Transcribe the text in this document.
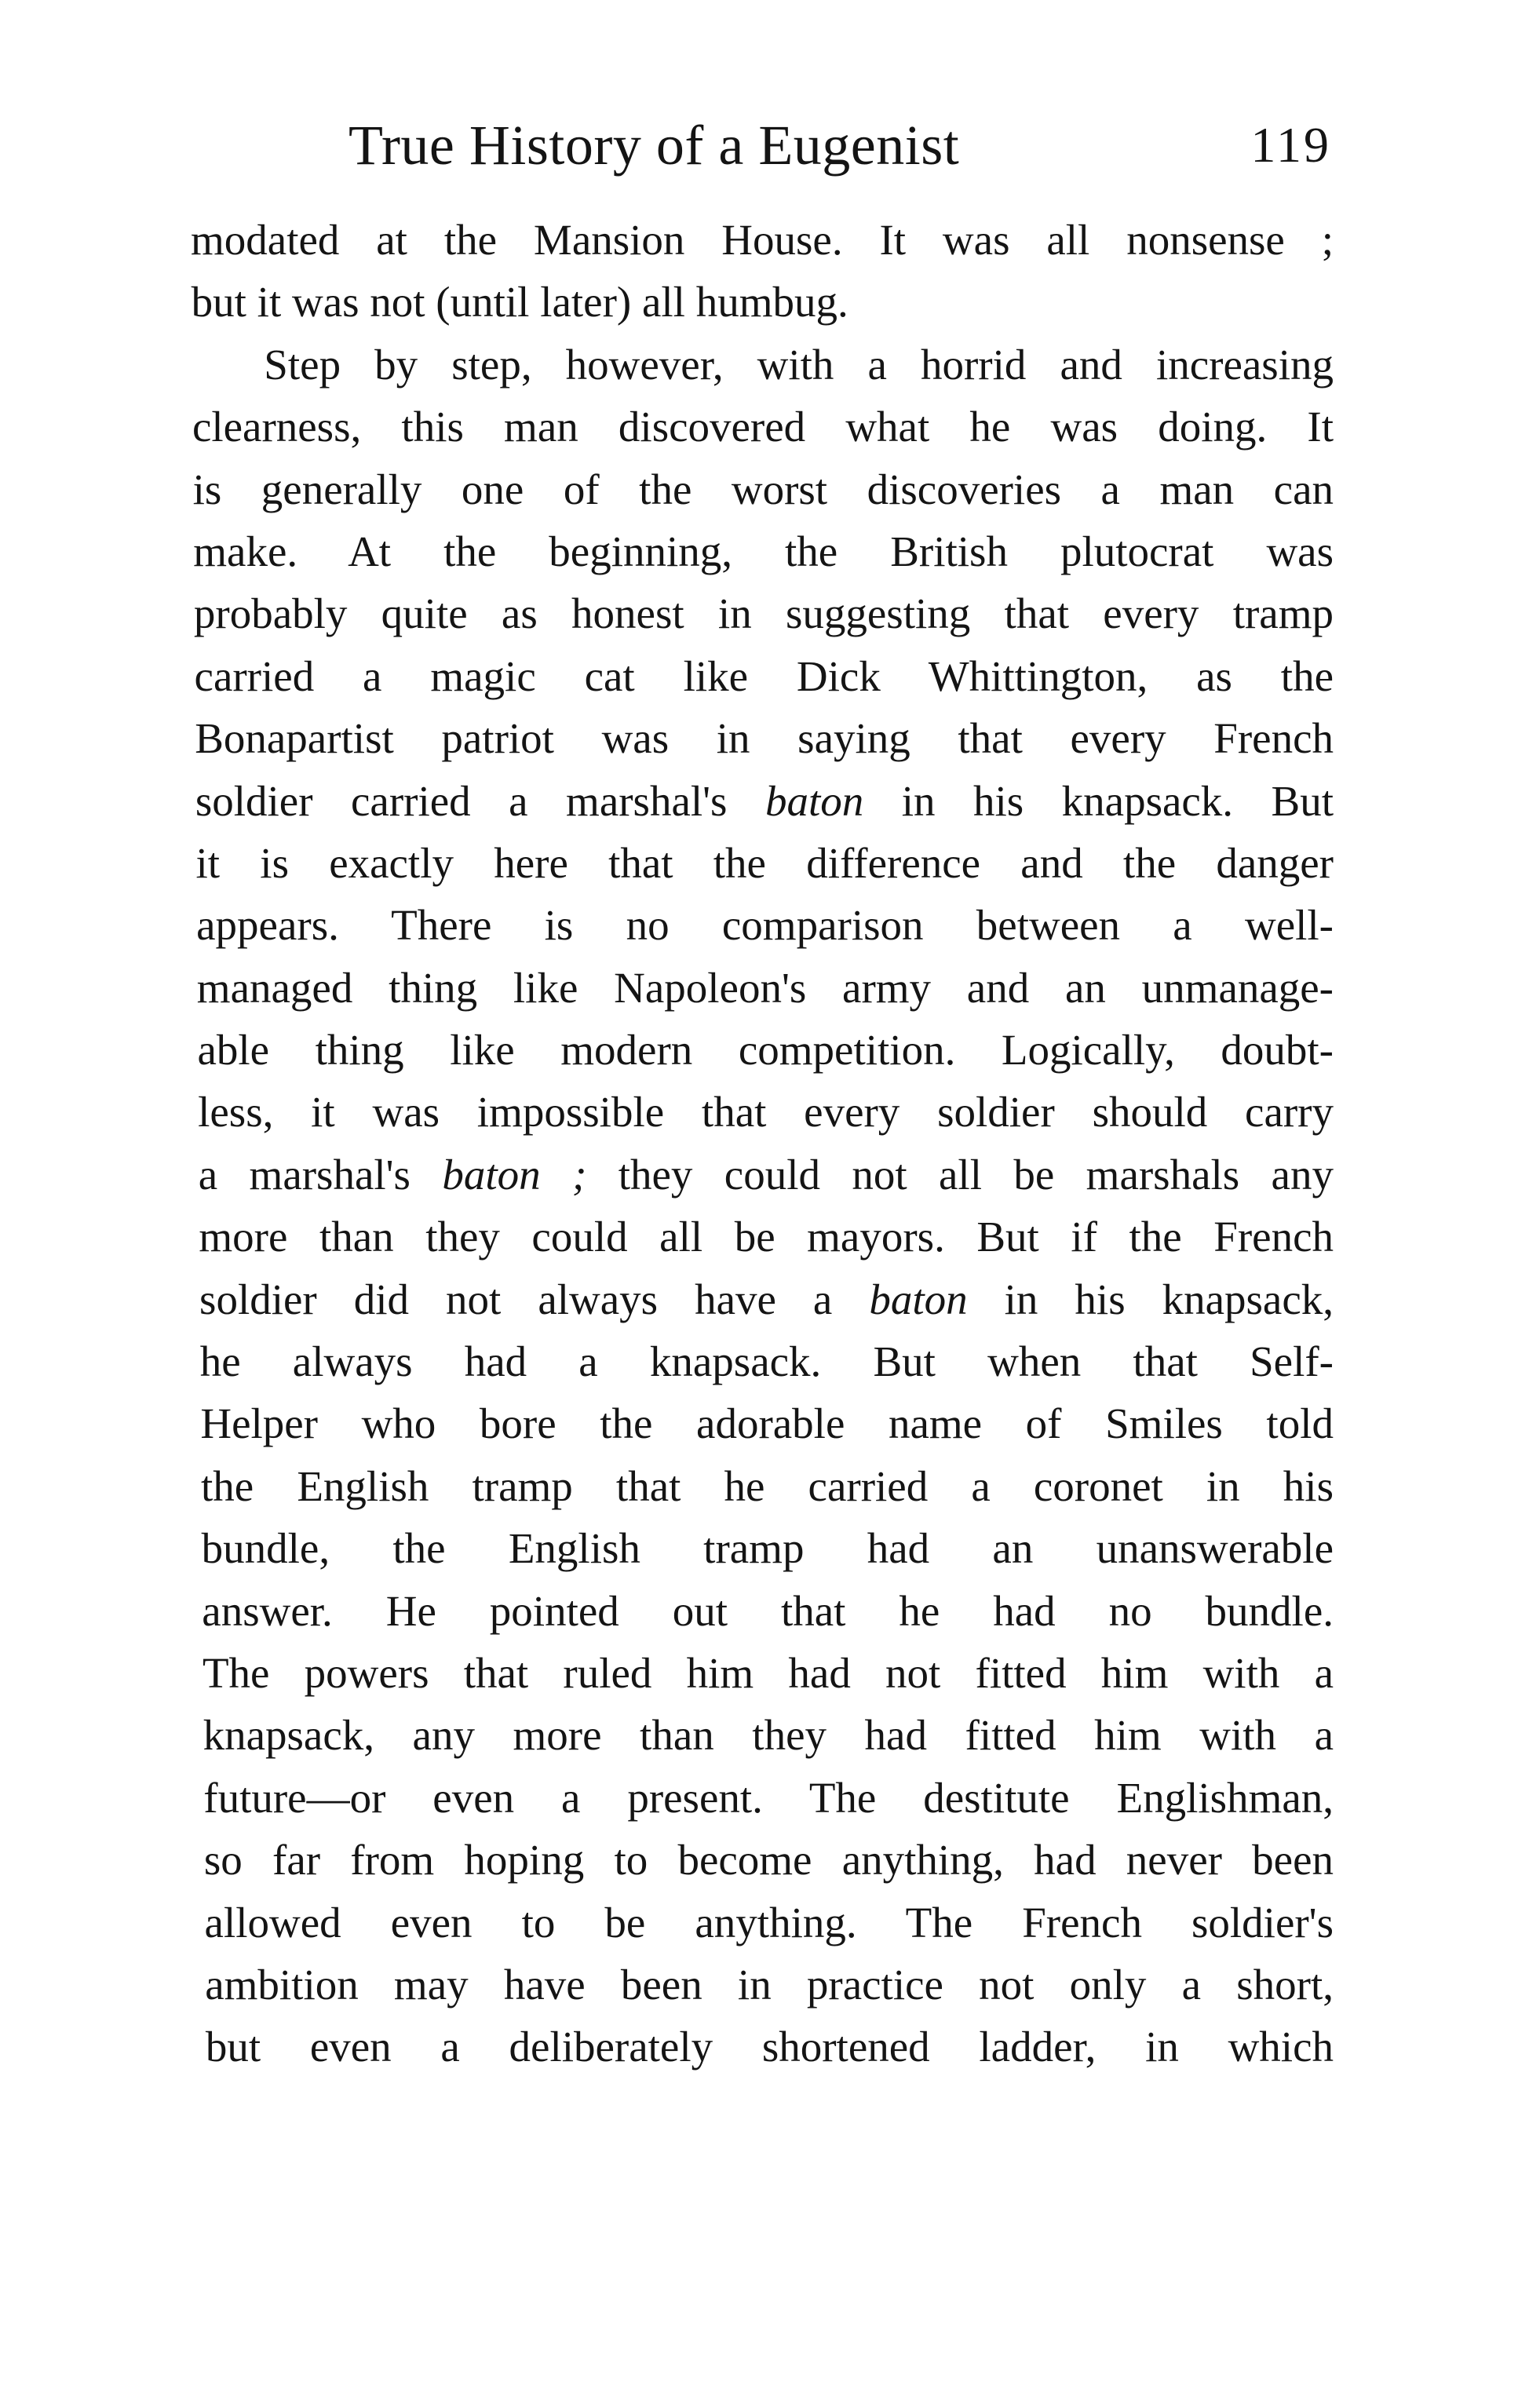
True History of a Eugenist	119
modated at the Mansion House. It was all nonsense ;
but it was not (until later) all humbug.
Step by step, however, with a horrid and increasing
clearness, this man discovered what he was doing. It
is generally one of the worst discoveries a man can
make. At the beginning, the British plutocrat was
probably quite as honest in suggesting that every tramp
carried a magic cat like Dick Whittington, as the
Bonapartist patriot was in saying that every French
soldier carried a marshal's baton in his knapsack. But
it is exactly here that the difference and the danger
appears. There is no comparison between a well-
managed thing like Napoleon's army and an unmanage-
able thing like modern competition. Logically, doubt-
less, it was impossible that every soldier should carry
a marshal's baton ; they could not all be marshals any
more than they could all be mayors. But if the French
soldier did not always have a baton in his knapsack,
he always had a knapsack. But when that Self-
Helper who bore the adorable name of Smiles told
the English tramp that he carried a coronet in his
bundle, the English tramp had an unanswerable
answer. He pointed out that he had no bundle.
The powers that ruled him had not fitted him with a
knapsack, any more than they had fitted him with a
future—or even a present. The destitute Englishman,
so far from hoping to become anything, had never been
allowed even to be anything. The French soldier's
ambition may have been in practice not only a short,
but even a deliberately shortened ladder, in which
